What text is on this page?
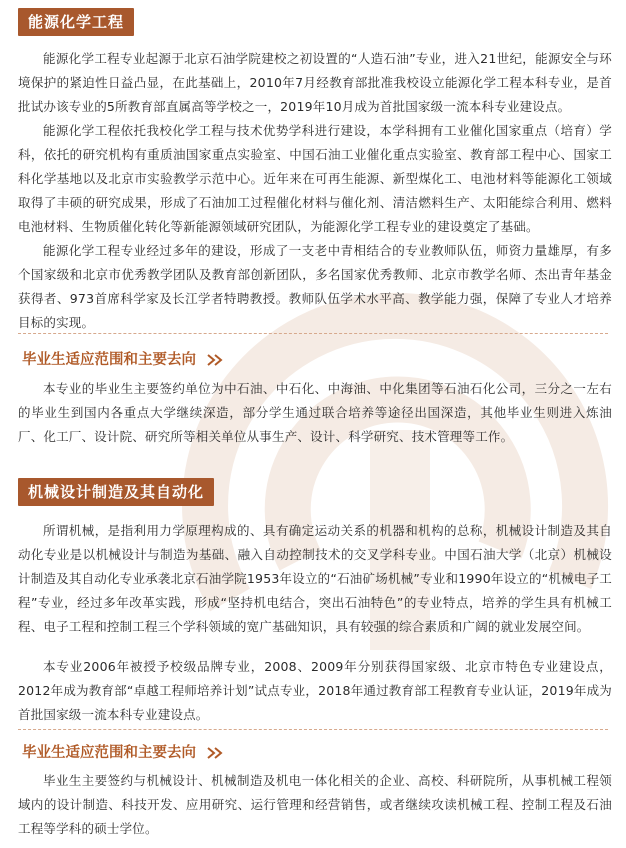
能源化学工程

能源化学工程专业起源于北京石油学院建校之初设置的“人造石油”专业，进入21世纪，能源安全与环境保护的紧迫性日益凸显，在此基础上，2010年7月经教育部批准我校设立能源化学工程本科专业，是首批试办该专业的5所教育部直属高等学校之一，2019年10月成为首批国家级一流本科专业建设点。

能源化学工程依托我校化学工程与技术优势学科进行建设，本学科拥有工业催化国家重点（培育）学科，依托的研究机构有重质油国家重点实验室、中国石油工业催化重点实验室、教育部工程中心、国家工科化学基地以及北京市实验教学示范中心。近年来在可再生能源、新型煤化工、电池材料等能源化工领域取得了丰硕的研究成果，形成了石油加工过程催化材料与催化剂、清洁燃料生产、太阳能综合利用、燃料电池材料、生物质催化转化等新能源领域研究团队，为能源化学工程专业的建设奠定了基础。

能源化学工程专业经过多年的建设，形成了一支老中青相结合的专业教师队伍，师资力量雄厚，有多个国家级和北京市优秀教学团队及教育部创新团队，多名国家优秀教师、北京市教学名师、杰出青年基金获得者、973首席科学家及长江学者特聘教授。教师队伍学术水平高、教学能力强，保障了专业人才培养目标的实现。

毕业生适应范围和主要去向

本专业的毕业生主要签约单位为中石油、中石化、中海油、中化集团等石油石化公司，三分之一左右的毕业生到国内各重点大学继续深造，部分学生通过联合培养等途径出国深造，其他毕业生则进入炼油厂、化工厂、设计院、研究所等相关单位从事生产、设计、科学研究、技术管理等工作。

机械设计制造及其自动化

所谓机械，是指利用力学原理构成的、具有确定运动关系的机器和机构的总称，机械设计制造及其自动化专业是以机械设计与制造为基础、融入自动控制技术的交叉学科专业。中国石油大学（北京）机械设计制造及其自动化专业承袭北京石油学院1953年设立的“石油矿场机械”专业和1990年设立的“机械电子工程”专业，经过多年改革实践，形成“坚持机电结合，突出石油特色”的专业特点，培养的学生具有机械工程、电子工程和控制工程三个学科领域的宽广基础知识，具有较强的综合素质和广阔的就业发展空间。

本专业2006年被授予校级品牌专业，2008、2009年分别获得国家级、北京市特色专业建设点，2012年成为教育部“卓越工程师培养计划”试点专业，2018年通过教育部工程教育专业认证，2019年成为首批国家级一流本科专业建设点。

毕业生适应范围和主要去向

毕业生主要签约与机械设计、机械制造及机电一体化相关的企业、高校、科研院所，从事机械工程领域内的设计制造、科技开发、应用研究、运行管理和经营销售，或者继续攻读机械工程、控制工程及石油工程等学科的硕士学位。
